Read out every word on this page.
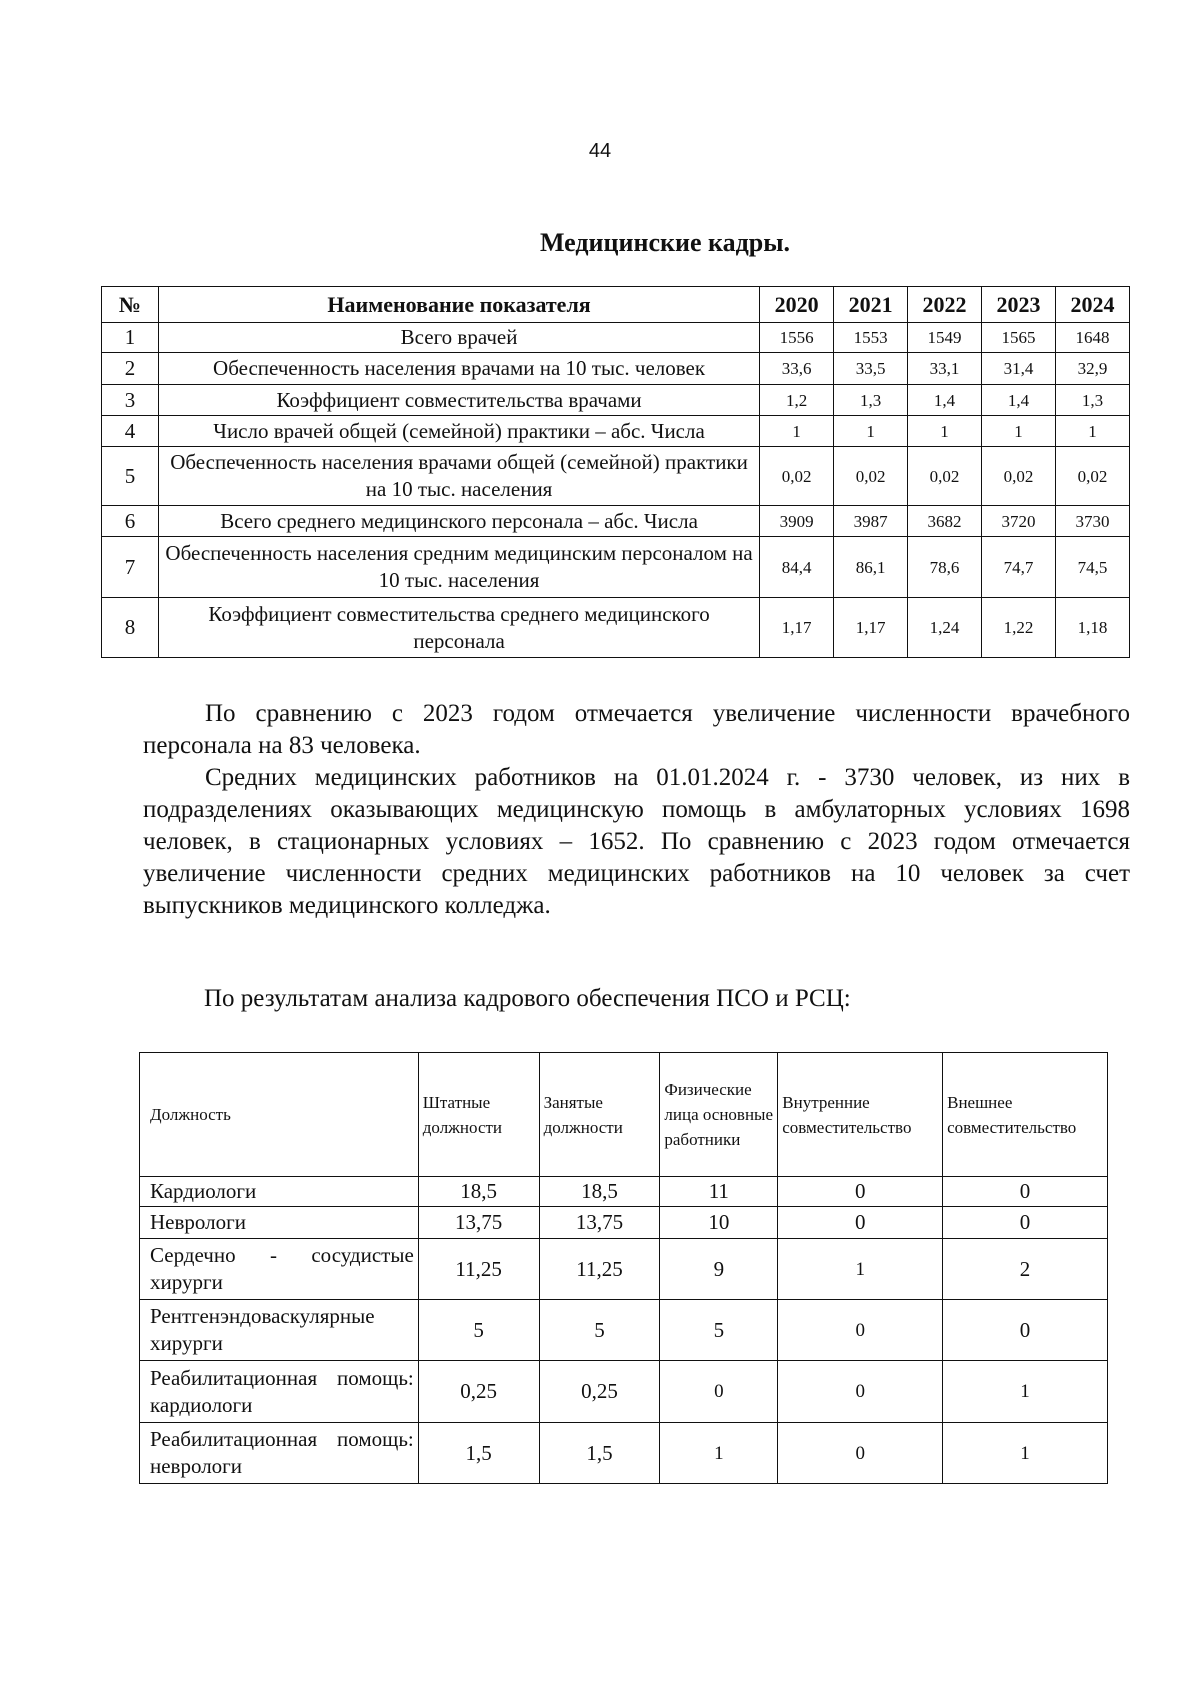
44
Медицинские кадры.
№	Наименование показателя	2020	2021	2022	2023	2024
1	Всего врачей	1556	1553	1549	1565	1648
2	Обеспеченность населения врачами на 10 тыс. человек	33,6	33,5	33,1	31,4	32,9
3	Коэффициент совместительства врачами	1,2	1,3	1,4	1,4	1,3
4	Число врачей общей (семейной) практики – абс. Числа	1	1	1	1	1
5	Обеспеченность населения врачами общей (семейной) практики на 10 тыс. населения	0,02	0,02	0,02	0,02	0,02
6	Всего среднего медицинского персонала – абс. Числа	3909	3987	3682	3720	3730
7	Обеспеченность населения средним медицинским персоналом на 10 тыс. населения	84,4	86,1	78,6	74,7	74,5
8	Коэффициент совместительства среднего медицинского персонала	1,17	1,17	1,24	1,22	1,18

По сравнению с 2023 годом отмечается увеличение численности врачебного персонала на 83 человека.

Средних медицинских работников на 01.01.2024 г. - 3730 человек, из них в подразделениях оказывающих медицинскую помощь в амбулаторных условиях 1698 человек, в стационарных условиях – 1652. По сравнению с 2023 годом отмечается увеличение численности средних медицинских работников на 10 человек за счет выпускников медицинского колледжа.

По результатам анализа кадрового обеспечения ПСО и РСЦ:
Должность	Штатные должности	Занятые должности	Физические лица основные работники	Внутренние совместительство	Внешнее совместительство
Кардиологи	18,5	18,5	11	0	0
Неврологи	13,75	13,75	10	0	0
Сердечно - сосудистые хирурги	11,25	11,25	9	1	2
Рентгенэндоваскулярные хирурги	5	5	5	0	0
Реабилитационная помощь: кардиологи	0,25	0,25	0	0	1
Реабилитационная помощь: неврологи	1,5	1,5	1	0	1
